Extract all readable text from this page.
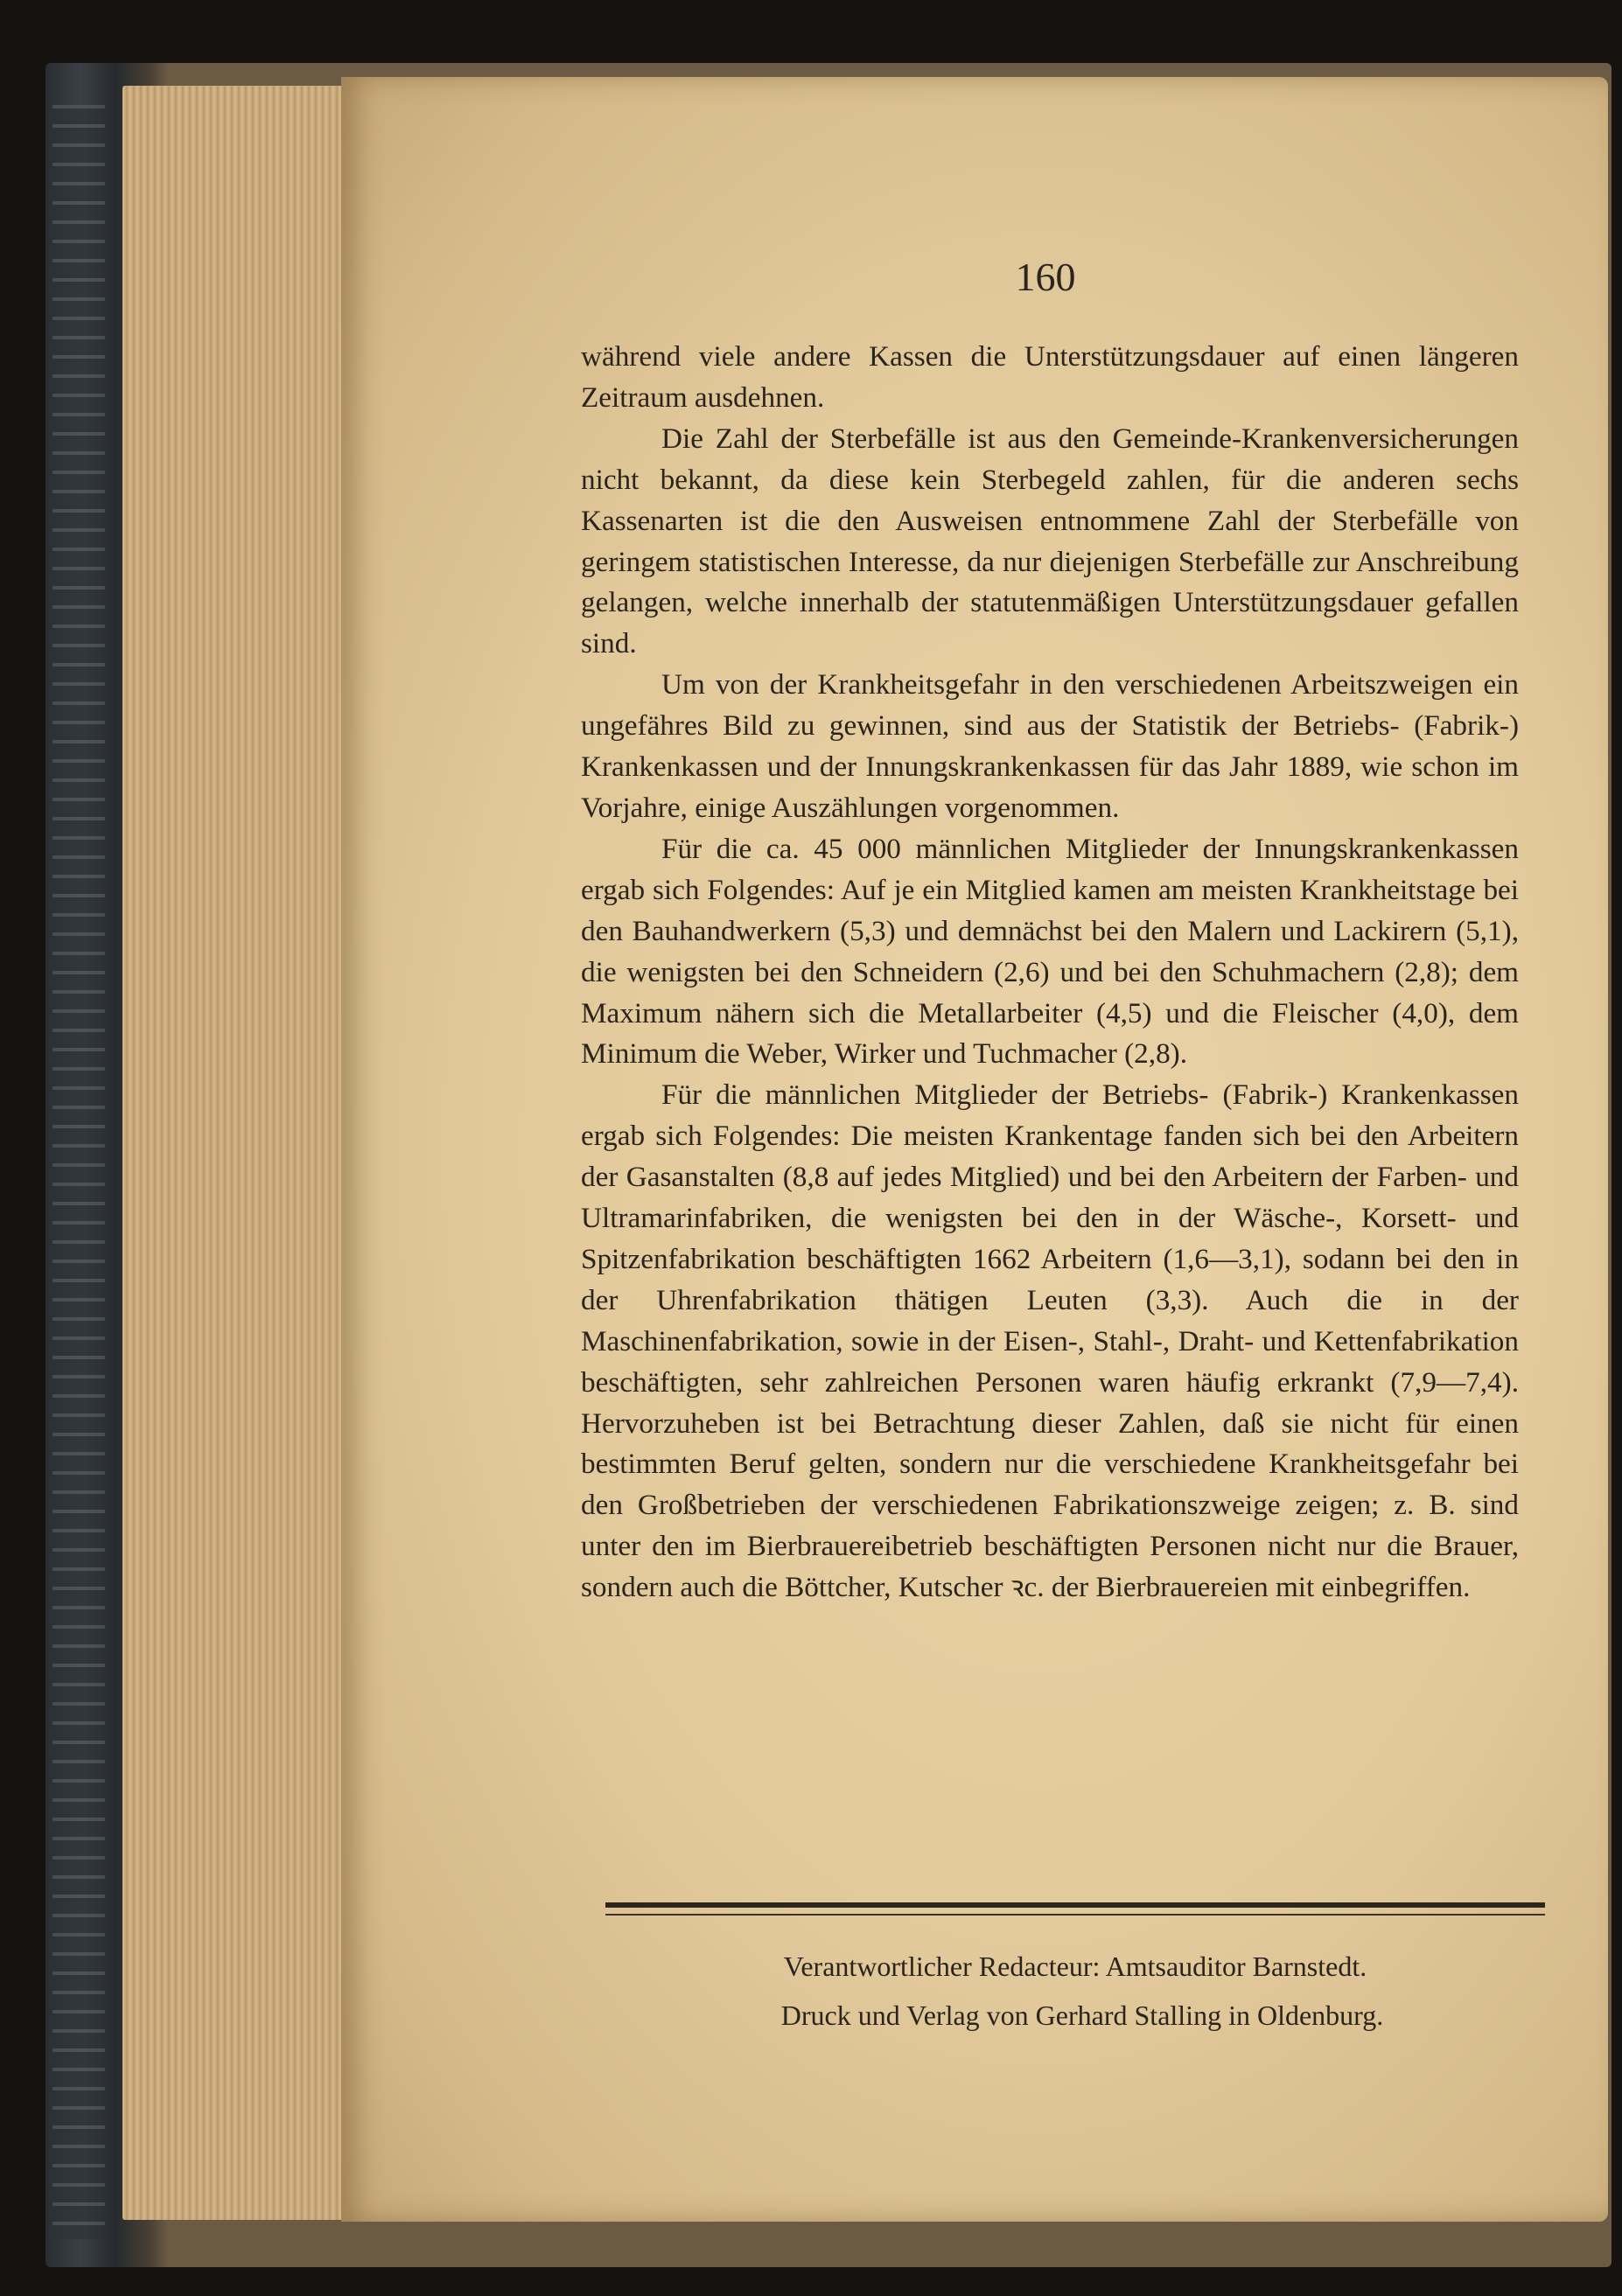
160

während viele andere Kassen die Unterstützungsdauer auf einen längeren Zeitraum ausdehnen.

Die Zahl der Sterbefälle ist aus den Gemeinde-Krankenversicherungen nicht bekannt, da diese kein Sterbegeld zahlen, für die anderen sechs Kassenarten ist die den Ausweisen entnommene Zahl der Sterbefälle von geringem statistischen Interesse, da nur diejenigen Sterbefälle zur Anschreibung gelangen, welche innerhalb der statutenmäßigen Unterstützungsdauer gefallen sind.

Um von der Krankheitsgefahr in den verschiedenen Arbeitszweigen ein ungefähres Bild zu gewinnen, sind aus der Statistik der Betriebs- (Fabrik-) Krankenkassen und der Innungskrankenkassen für das Jahr 1889, wie schon im Vorjahre, einige Auszählungen vorgenommen.

Für die ca. 45 000 männlichen Mitglieder der Innungskrankenkassen ergab sich Folgendes: Auf je ein Mitglied kamen am meisten Krankheitstage bei den Bauhandwerkern (5,3) und demnächst bei den Malern und Lackirern (5,1), die wenigsten bei den Schneidern (2,6) und bei den Schuhmachern (2,8); dem Maximum nähern sich die Metallarbeiter (4,5) und die Fleischer (4,0), dem Minimum die Weber, Wirker und Tuchmacher (2,8).

Für die männlichen Mitglieder der Betriebs- (Fabrik-) Krankenkassen ergab sich Folgendes: Die meisten Krankentage fanden sich bei den Arbeitern der Gasanstalten (8,8 auf jedes Mitglied) und bei den Arbeitern der Farben- und Ultramarinfabriken, die wenigsten bei den in der Wäsche-, Korsett- und Spitzenfabrikation beschäftigten 1662 Arbeitern (1,6—3,1), sodann bei den in der Uhrenfabrikation thätigen Leuten (3,3). Auch die in der Maschinenfabrikation, sowie in der Eisen-, Stahl-, Draht- und Kettenfabrikation beschäftigten, sehr zahlreichen Personen waren häufig erkrankt (7,9—7,4). Hervorzuheben ist bei Betrachtung dieser Zahlen, daß sie nicht für einen bestimmten Beruf gelten, sondern nur die verschiedene Krankheitsgefahr bei den Großbetrieben der verschiedenen Fabrikationszweige zeigen; z. B. sind unter den im Bierbrauereibetrieb beschäftigten Personen nicht nur die Brauer, sondern auch die Böttcher, Kutscher ꝛc. der Bierbrauereien mit einbegriffen.

Verantwortlicher Redacteur: Amtsauditor Barnstedt.
Druck und Verlag von Gerhard Stalling in Oldenburg.
